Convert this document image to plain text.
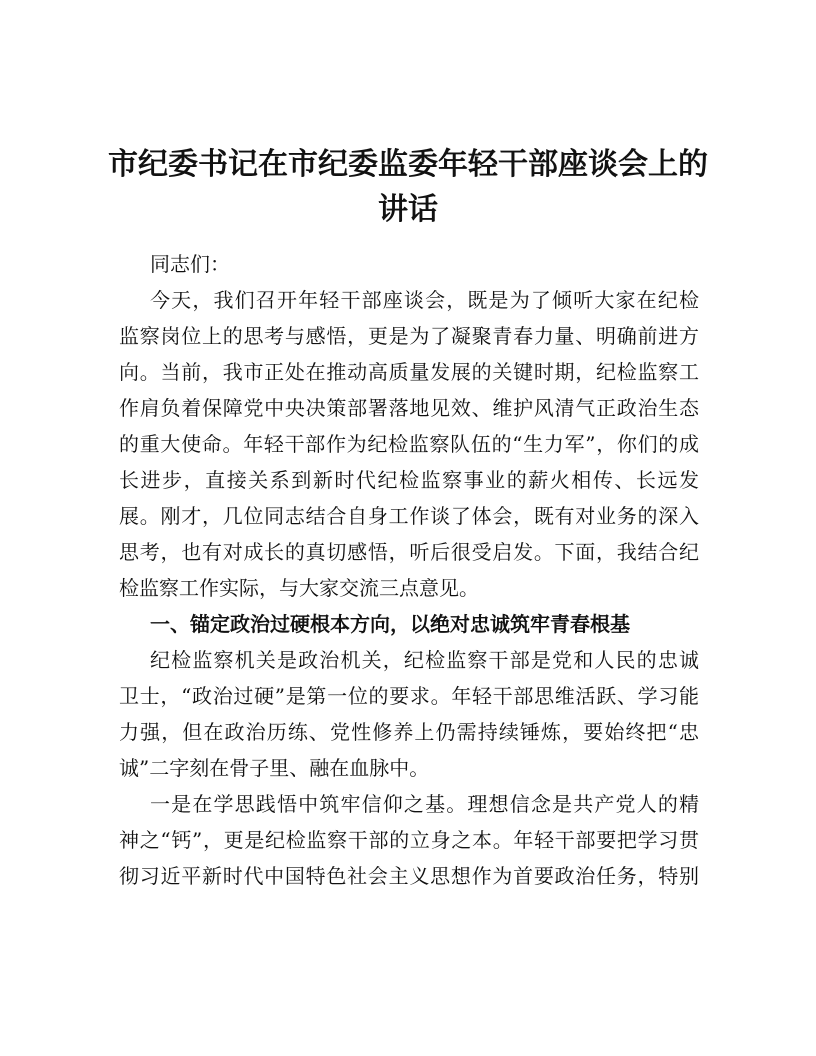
市纪委书记在市纪委监委年轻干部座谈会上的
讲话
同志们：
今天，我们召开年轻干部座谈会，既是为了倾听大家在纪检
监察岗位上的思考与感悟，更是为了凝聚青春力量、明确前进方
向。当前，我市正处在推动高质量发展的关键时期，纪检监察工
作肩负着保障党中央决策部署落地见效、维护风清气正政治生态
的重大使命。年轻干部作为纪检监察队伍的“生力军”，你们的成
长进步，直接关系到新时代纪检监察事业的薪火相传、长远发
展。刚才，几位同志结合自身工作谈了体会，既有对业务的深入
思考，也有对成长的真切感悟，听后很受启发。下面，我结合纪
检监察工作实际，与大家交流三点意见。
一、锚定政治过硬根本方向，以绝对忠诚筑牢青春根基
纪检监察机关是政治机关，纪检监察干部是党和人民的忠诚
卫士，“政治过硬”是第一位的要求。年轻干部思维活跃、学习能
力强，但在政治历练、党性修养上仍需持续锤炼，要始终把“忠
诚”二字刻在骨子里、融在血脉中。
一是在学思践悟中筑牢信仰之基。理想信念是共产党人的精
神之“钙”，更是纪检监察干部的立身之本。年轻干部要把学习贯
彻习近平新时代中国特色社会主义思想作为首要政治任务，特别
